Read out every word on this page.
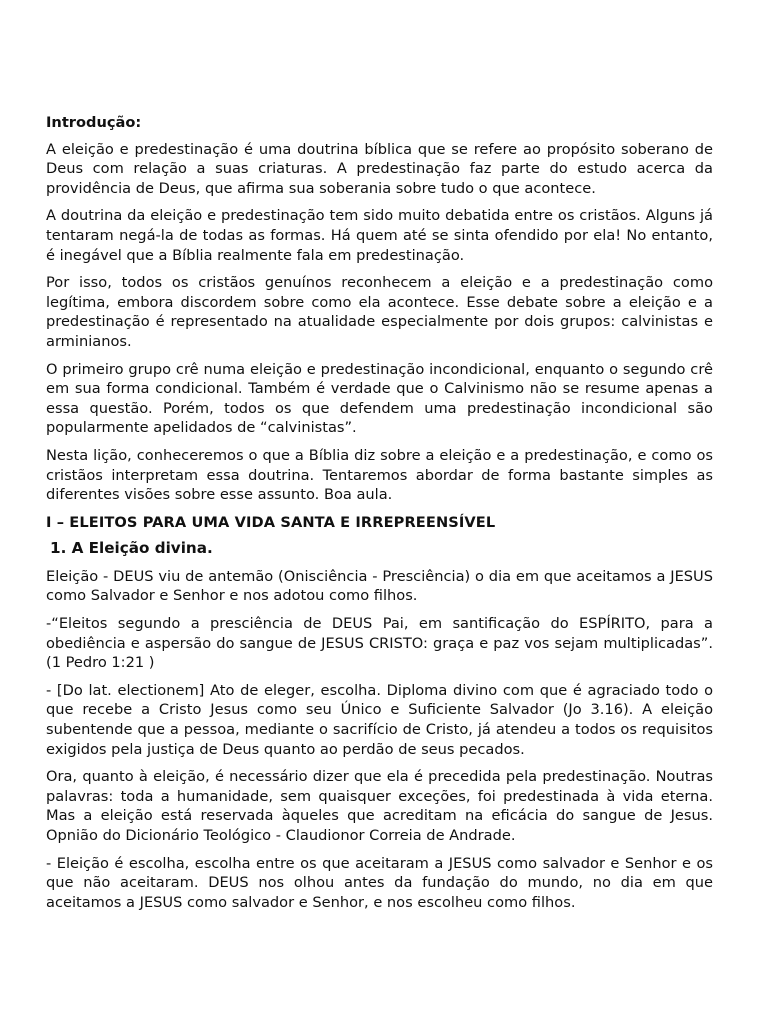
Introdução:

A eleição e predestinação é uma doutrina bíblica que se refere ao propósito soberano de Deus com relação a suas criaturas. A predestinação faz parte do estudo acerca da providência de Deus, que afirma sua soberania sobre tudo o que acontece.

A doutrina da eleição e predestinação tem sido muito debatida entre os cristãos. Alguns já tentaram negá-la de todas as formas. Há quem até se sinta ofendido por ela! No entanto, é inegável que a Bíblia realmente fala em predestinação.

Por isso, todos os cristãos genuínos reconhecem a eleição e a predestinação como legítima, embora discordem sobre como ela acontece. Esse debate sobre a eleição e a predestinação é representado na atualidade especialmente por dois grupos: calvinistas e arminianos.

O primeiro grupo crê numa eleição e predestinação incondicional, enquanto o segundo crê em sua forma condicional. Também é verdade que o Calvinismo não se resume apenas a essa questão. Porém, todos os que defendem uma predestinação incondicional são popularmente apelidados de “calvinistas”.

Nesta lição, conheceremos o que a Bíblia diz sobre a eleição e a predestinação, e como os cristãos interpretam essa doutrina. Tentaremos abordar de forma bastante simples as diferentes visões sobre esse assunto. Boa aula.

I – ELEITOS PARA UMA VIDA SANTA E IRREPREENSÍVEL
1. A Eleição divina.

Eleição - DEUS viu de antemão (Onisciência - Presciência) o dia em que aceitamos a JESUS como Salvador e Senhor e nos adotou como filhos.

-“Eleitos segundo a presciência de DEUS Pai, em santificação do ESPÍRITO, para a obediência e aspersão do sangue de JESUS CRISTO: graça e paz vos sejam multiplicadas”. (1 Pedro 1:21 )

- [Do lat. electionem] Ato de eleger, escolha. Diploma divino com que é agraciado todo o que recebe a Cristo Jesus como seu Único e Suficiente Salvador (Jo 3.16). A eleição subentende que a pessoa, mediante o sacrifício de Cristo, já atendeu a todos os requisitos exigidos pela justiça de Deus quanto ao perdão de seus pecados.

Ora, quanto à eleição, é necessário dizer que ela é precedida pela predestinação. Noutras palavras: toda a humanidade, sem quaisquer exceções, foi predestinada à vida eterna. Mas a eleição está reservada àqueles que acreditam na eficácia do sangue de Jesus. Opnião do Dicionário Teológico - Claudionor Correia de Andrade.

- Eleição é escolha, escolha entre os que aceitaram a JESUS como salvador e Senhor e os que não aceitaram. DEUS nos olhou antes da fundação do mundo, no dia em que aceitamos a JESUS como salvador e Senhor, e nos escolheu como filhos.
